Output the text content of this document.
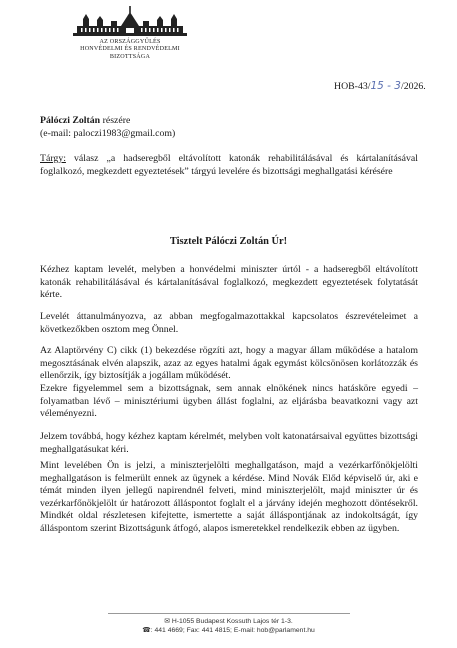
AZ ORSZÁGGYŰLÉS
HONVÉDELMI ÉS RENDVÉDELMI
BIZOTTSÁGA
HOB-43/15 - 3/2026.
Pálóczi Zoltán részére
(e-mail: paloczi1983@gmail.com)
Tárgy: válasz „a hadseregből eltávolított katonák rehabilitálásával és kártalanításával foglalkozó, megkezdett egyeztetések” tárgyú levelére és bizottsági meghallgatási kérésére
Tisztelt Pálóczi Zoltán Úr!

Kézhez kaptam levelét, melyben a honvédelmi miniszter úrtól - a hadseregből eltávolított katonák rehabilitálásával és kártalanításával foglalkozó, megkezdett egyeztetések folytatását kérte.

Levelét áttanulmányozva, az abban megfogalmazottakkal kapcsolatos észrevételeimet a következőkben osztom meg Önnel.

Az Alaptörvény C) cikk (1) bekezdése rögzíti azt, hogy a magyar állam működése a hatalom megosztásának elvén alapszik, azaz az egyes hatalmi ágak egymást kölcsönösen korlátozzák és ellenőrzik, így biztosítják a jogállam működését.

Ezekre figyelemmel sem a bizottságnak, sem annak elnökének nincs hatásköre egyedi – folyamatban lévő – minisztériumi ügyben állást foglalni, az eljárásba beavatkozni vagy azt véleményezni.

Jelzem továbbá, hogy kézhez kaptam kérelmét, melyben volt katonatársaival együttes bizottsági meghallgatásukat kéri.

Mint levelében Ön is jelzi, a miniszterjelölti meghallgatáson, majd a vezérkarfőnökjelölti meghallgatáson is felmerült ennek az ügynek a kérdése. Mind Novák Előd képviselő úr, aki e témát minden ilyen jellegű napirendnél felveti, mind miniszterjelölt, majd miniszter úr és vezérkarfőnökjelölt úr határozott álláspontot foglalt el a járvány idején meghozott döntésekről. Mindkét oldal részletesen kifejtette, ismertette a saját álláspontjának az indokoltságát, így álláspontom szerint Bizottságunk átfogó, alapos ismeretekkel rendelkezik ebben az ügyben.

✉ H-1055 Budapest Kossuth Lajos tér 1-3.
☎: 441 4669; Fax: 441 4815; E-mail: hob@parlament.hu
